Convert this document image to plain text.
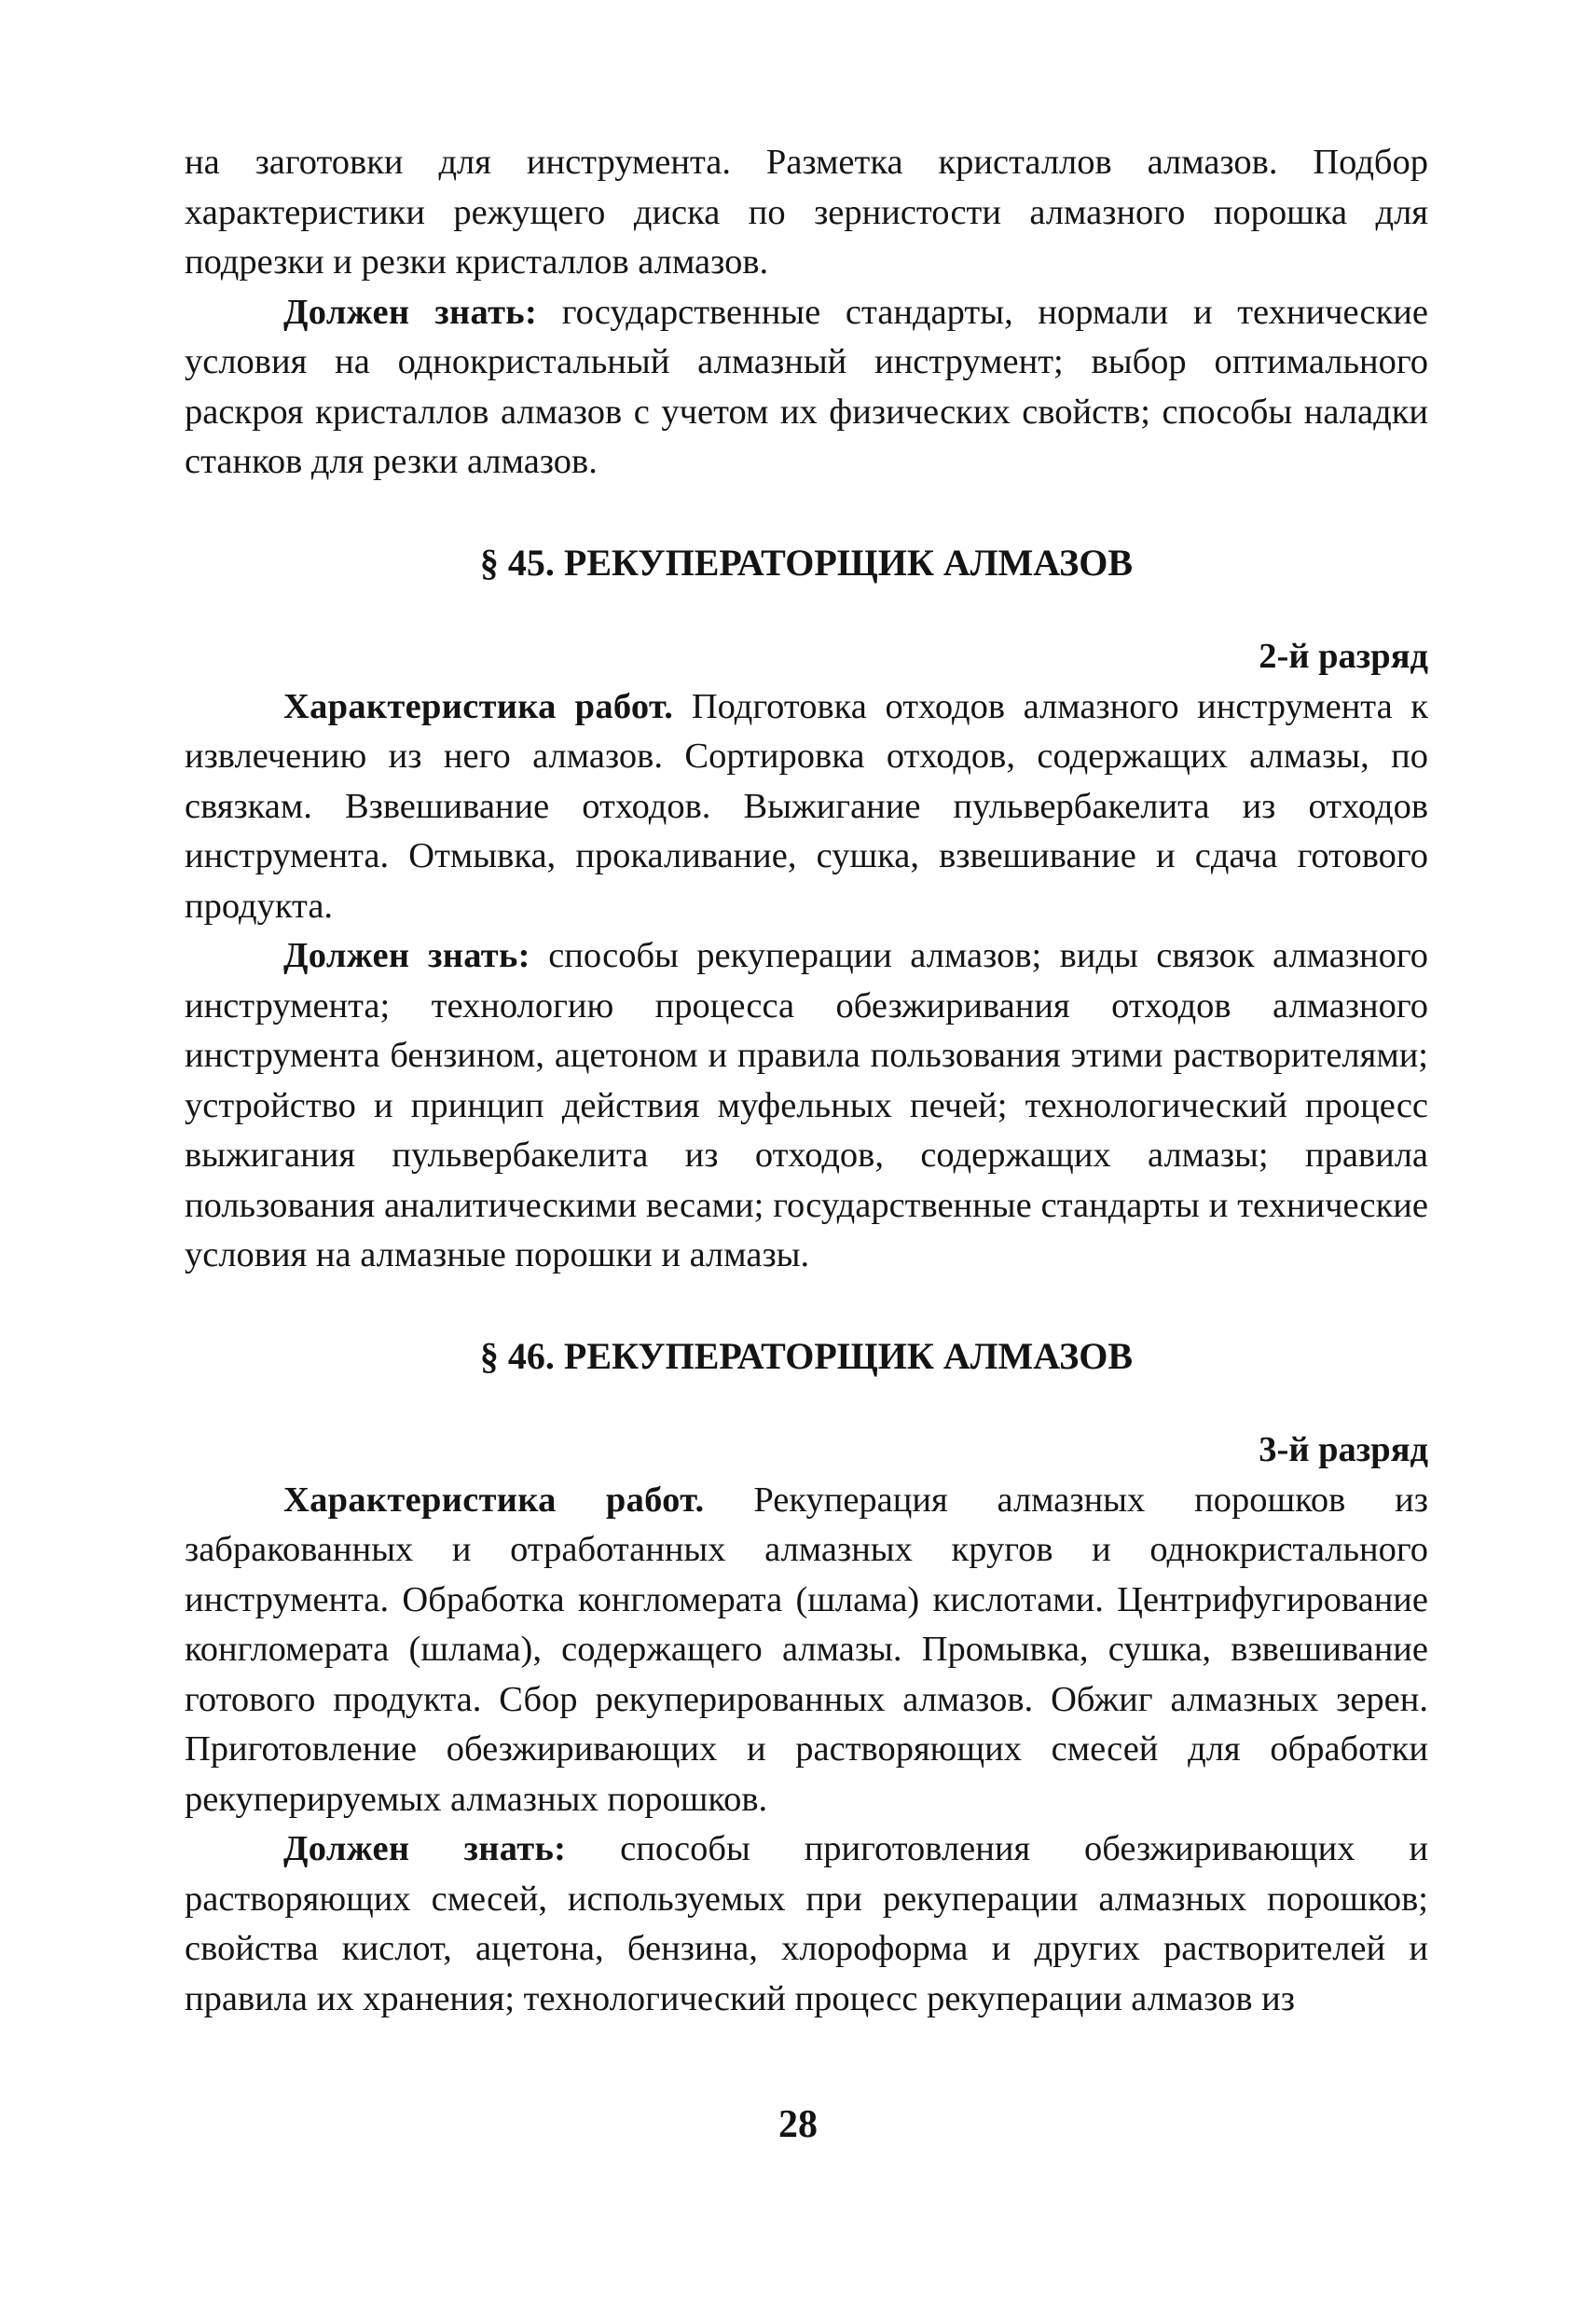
на заготовки для инструмента. Разметка кристаллов алмазов. Подбор характеристики режущего диска по зернистости алмазного порошка для подрезки и резки кристаллов алмазов.

Должен знать: государственные стандарты, нормали и технические условия на однокристальный алмазный инструмент; выбор оптимального раскроя кристаллов алмазов с учетом их физических свойств; способы наладки станков для резки алмазов.

§ 45. РЕКУПЕРАТОРЩИК АЛМАЗОВ
2-й разряд

Характеристика работ. Подготовка отходов алмазного инструмента к извлечению из него алмазов. Сортировка отходов, содержащих алмазы, по связкам. Взвешивание отходов. Выжигание пульвербакелита из отходов инструмента. Отмывка, прокаливание, сушка, взвешивание и сдача готового продукта.

Должен знать: способы рекуперации алмазов; виды связок алмазного инструмента; технологию процесса обезжиривания отходов алмазного инструмента бензином, ацетоном и правила пользования этими растворителями; устройство и принцип действия муфельных печей; технологический процесс выжигания пульвербакелита из отходов, содержащих алмазы; правила пользования аналитическими весами; государственные стандарты и технические условия на алмазные порошки и алмазы.

§ 46. РЕКУПЕРАТОРЩИК АЛМАЗОВ
3-й разряд

Характеристика работ. Рекуперация алмазных порошков из забракованных и отработанных алмазных кругов и однокристального инструмента. Обработка конгломерата (шлама) кислотами. Центрифугирование конгломерата (шлама), содержащего алмазы. Промывка, сушка, взвешивание готового продукта. Сбор рекуперированных алмазов. Обжиг алмазных зерен. Приготовление обезжиривающих и растворяющих смесей для обработки рекуперируемых алмазных порошков.

Должен знать: способы приготовления обезжиривающих и растворяющих смесей, используемых при рекуперации алмазных порошков; свойства кислот, ацетона, бензина, хлороформа и других растворителей и правила их хранения; технологический процесс рекуперации алмазов из

28
